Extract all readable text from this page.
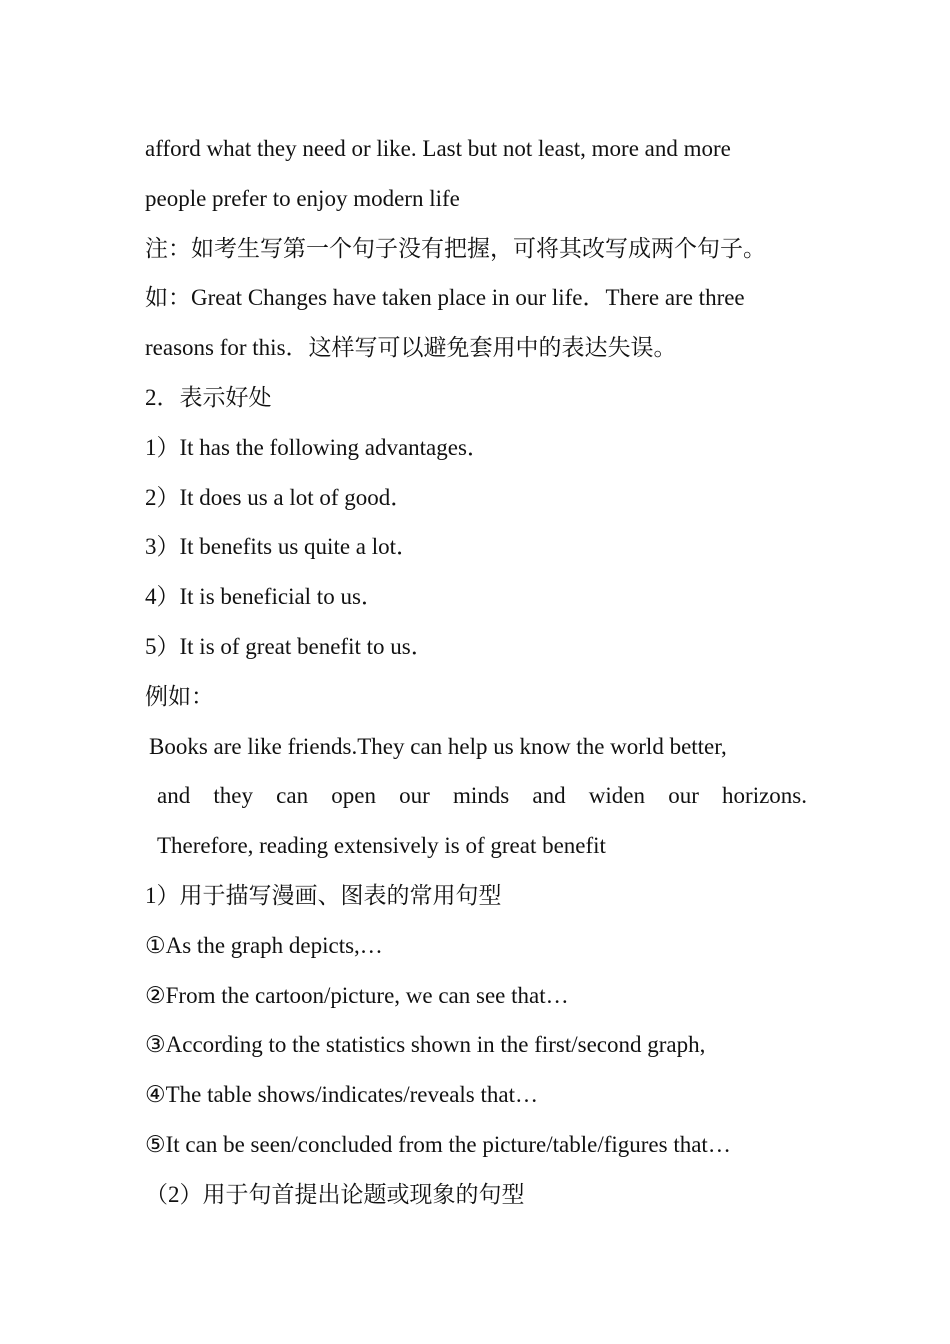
afford what they need or like. Last but not least, more and more
people prefer to enjoy modern life
注：如考生写第一个句子没有把握，可将其改写成两个句子。
如：Great Changes have taken place in our life．There are three
reasons for this．这样写可以避免套用中的表达失误。
2．表示好处
1）It has the following advantages．
2）It does us a lot of good．
3）It benefits us quite a lot．
4）It is beneficial to us．
5）It is of great benefit to us．
例如：
Books are like friends.They can help us know the world better,
and they can open our minds and widen our horizons.
Therefore, reading extensively is of great benefit
1）用于描写漫画、图表的常用句型
①As the graph depicts,…
②From the cartoon/picture, we can see that…
③According to the statistics shown in the first/second graph,
④The table shows/indicates/reveals that…
⑤It can be seen/concluded from the picture/table/figures that…
（2）用于句首提出论题或现象的句型
